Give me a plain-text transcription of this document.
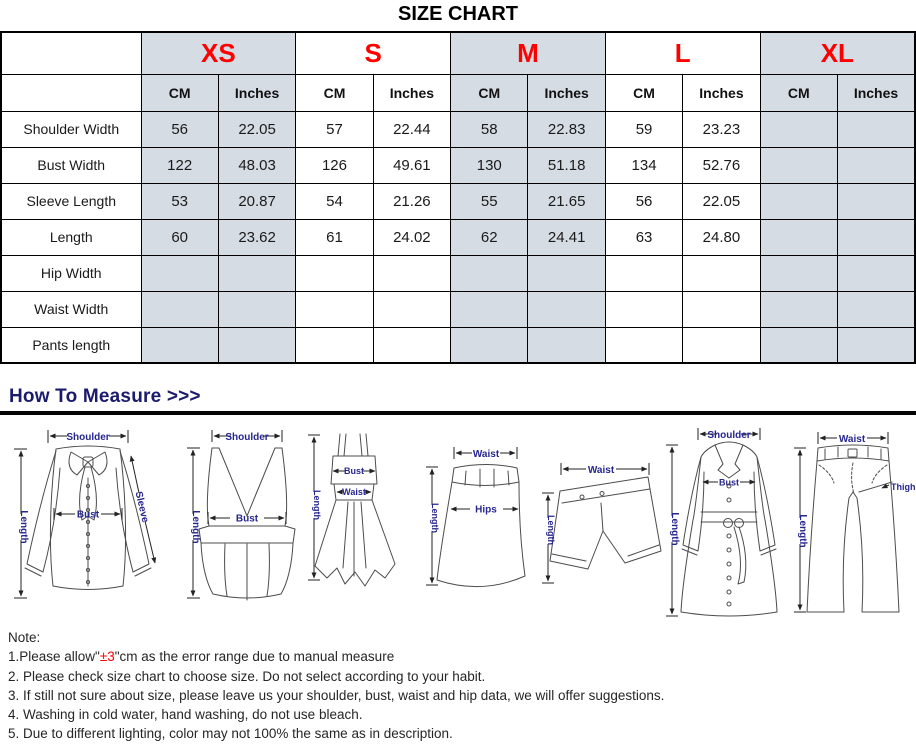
SIZE CHART
	XS		S		M		L		XL	
	CM	Inches	CM	Inches	CM	Inches	CM	Inches	CM	Inches
Shoulder Width	56	22.05	57	22.44	58	22.83	59	23.23		
Bust Width	122	48.03	126	49.61	130	51.18	134	52.76		
Sleeve Length	53	20.87	54	21.26	55	21.65	56	22.05		
Length	60	23.62	61	24.02	62	24.41	63	24.80		
Hip Width										
Waist Width										
Pants length										
How To Measure >>>
Shoulder
Length	Bust	Sleeve
Shoulder
Length	Bust
Bust
Waist
Length
Waist
Hips
Length
Waist
Length
Shoulder
Bust
Length
Waist
Thigh
Length
Note:
1.Please allow"±3"cm as the error range due to manual measure
2. Please check size chart to choose size. Do not select according to your habit.
3. If still not sure about size, please leave us your shoulder, bust, waist and hip data, we will offer suggestions.
4. Washing in cold water, hand washing, do not use bleach.
5. Due to different lighting, color may not 100% the same as in description.
